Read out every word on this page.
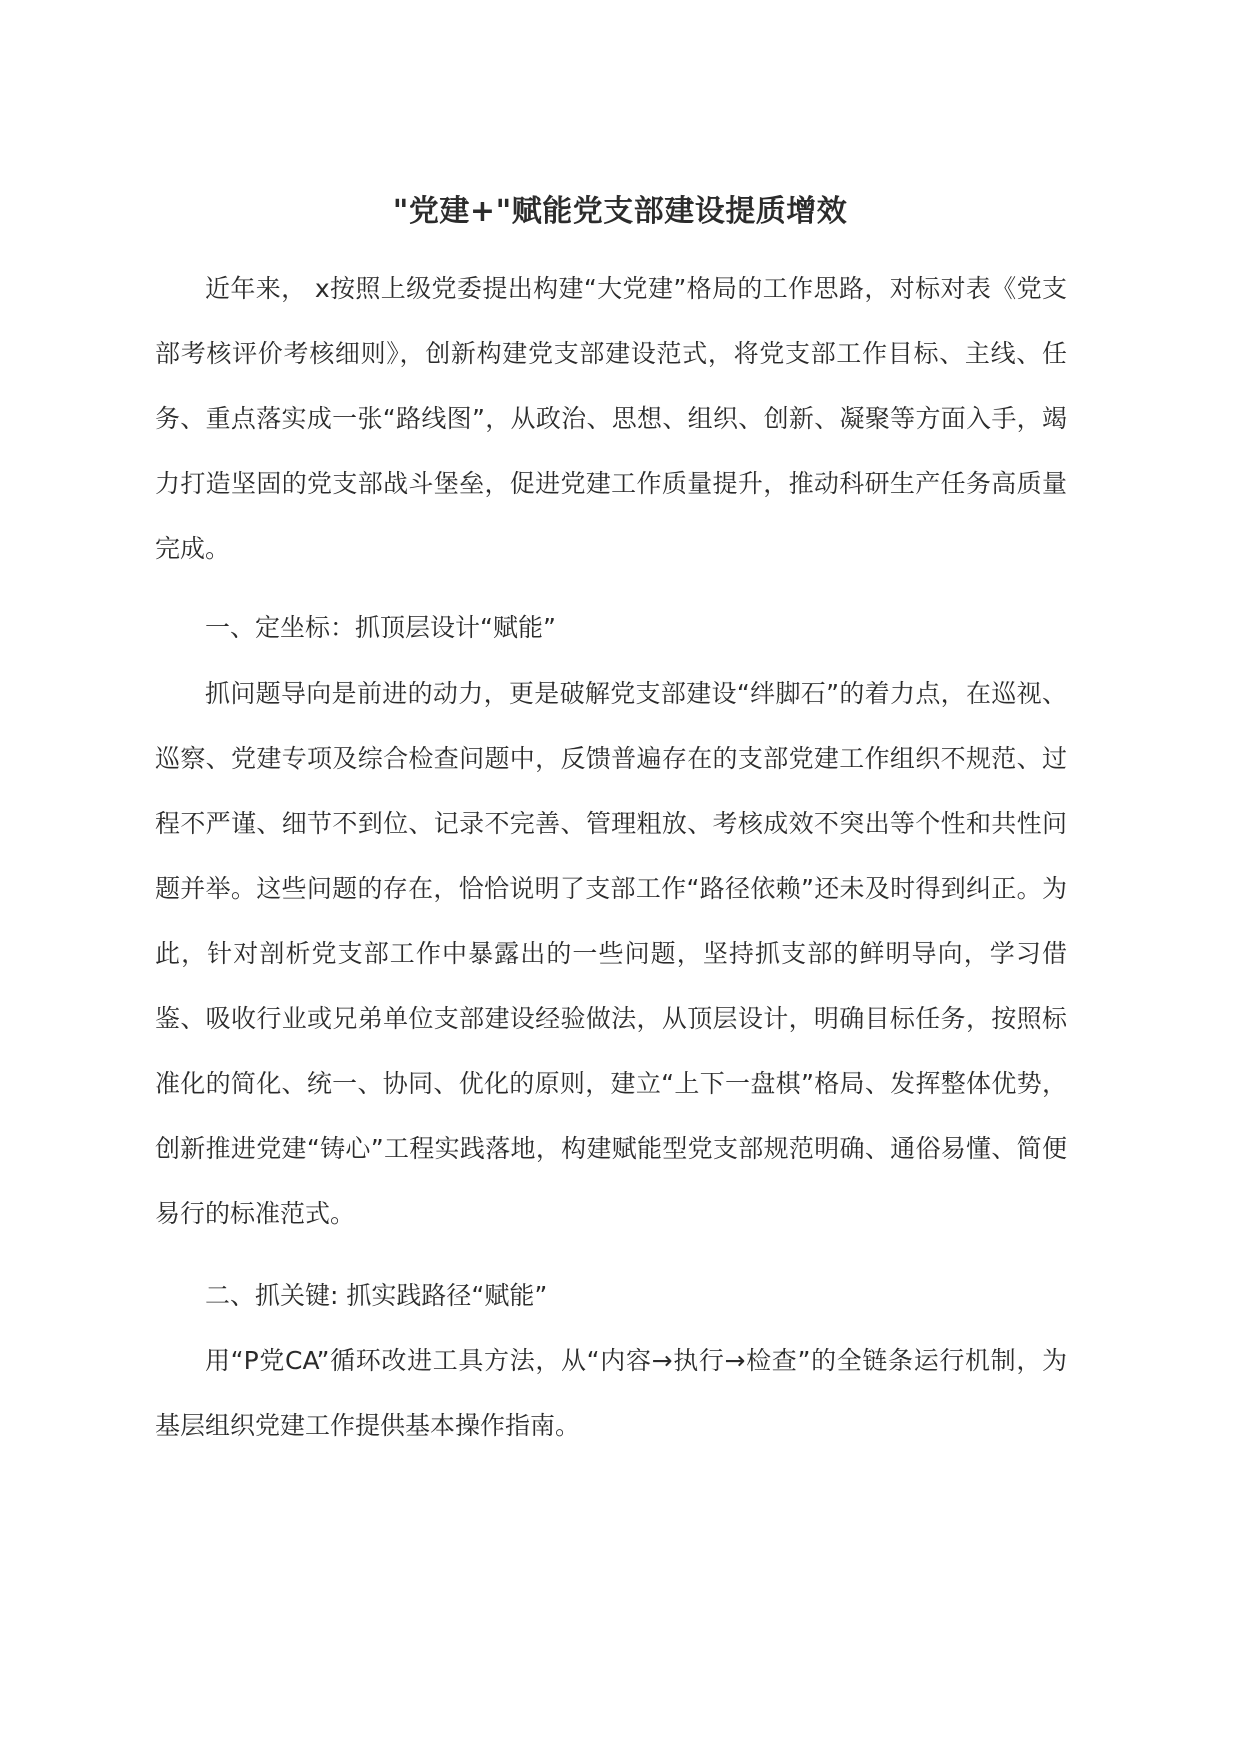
"党建+"赋能党支部建设提质增效

近年来， x按照上级党委提出构建“大党建”格局的工作思路，对标对表《党支部考核评价考核细则》，创新构建党支部建设范式，将党支部工作目标、主线、任务、重点落实成一张“路线图”，从政治、思想、组织、创新、凝聚等方面入手，竭力打造坚固的党支部战斗堡垒，促进党建工作质量提升，推动科研生产任务高质量完成。

一、定坐标：抓顶层设计“赋能”

抓问题导向是前进的动力，更是破解党支部建设“绊脚石”的着力点，在巡视、巡察、党建专项及综合检查问题中，反馈普遍存在的支部党建工作组织不规范、过程不严谨、细节不到位、记录不完善、管理粗放、考核成效不突出等个性和共性问题并举。这些问题的存在，恰恰说明了支部工作“路径依赖”还未及时得到纠正。为此，针对剖析党支部工作中暴露出的一些问题，坚持抓支部的鲜明导向，学习借鉴、吸收行业或兄弟单位支部建设经验做法，从顶层设计，明确目标任务，按照标准化的简化、统一、协同、优化的原则，建立“上下一盘棋”格局、发挥整体优势，创新推进党建“铸心”工程实践落地，构建赋能型党支部规范明确、通俗易懂、简便易行的标准范式。

二、抓关键: 抓实践路径“赋能”

用“P党CA”循环改进工具方法，从“内容→执行→检查”的全链条运行机制，为基层组织党建工作提供基本操作指南。
